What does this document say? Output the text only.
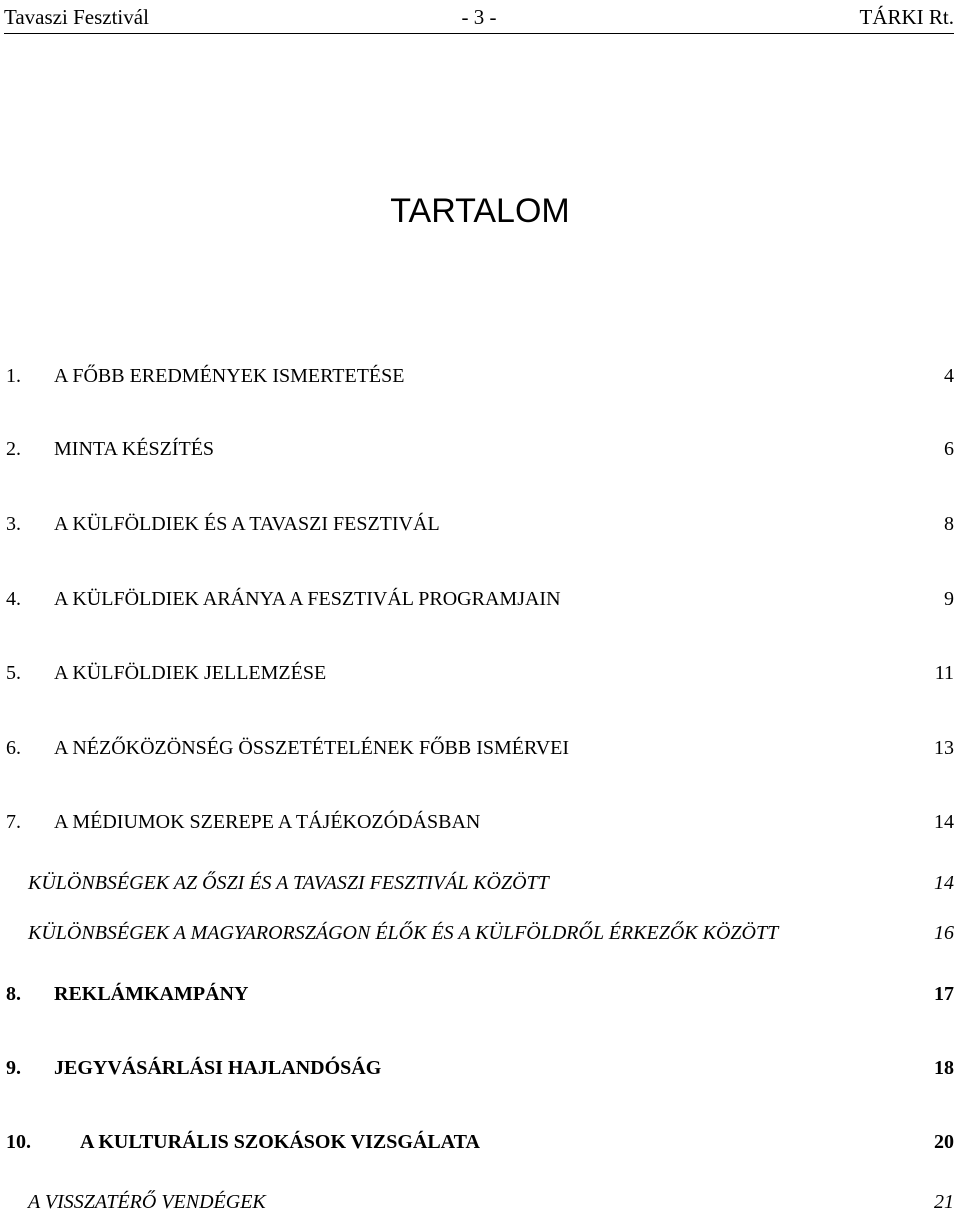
Tavaszi Fesztivál	- 3 -	TÁRKI Rt.
TARTALOM
1. A FŐBB EREDMÉNYEK ISMERTETÉSE	4
2. MINTA KÉSZÍTÉS	6
3. A KÜLFÖLDIEK ÉS A TAVASZI FESZTIVÁL	8
4. A KÜLFÖLDIEK ARÁNYA A FESZTIVÁL PROGRAMJAIN	9
5. A KÜLFÖLDIEK JELLEMZÉSE	11
6. A NÉZŐKÖZÖNSÉG ÖSSZETÉTELÉNEK FŐBB ISMÉRVEI	13
7. A MÉDIUMOK SZEREPE A TÁJÉKOZÓDÁSBAN	14
KÜLÖNBSÉGEK AZ ŐSZI ÉS A TAVASZI FESZTIVÁL KÖZÖTT	14
KÜLÖNBSÉGEK A MAGYARORSZÁGON ÉLŐK ÉS A KÜLFÖLDRŐL ÉRKEZŐK KÖZÖTT	16
8. REKLÁMKAMPÁNY	17
9. JEGYVÁSÁRLÁSI HAJLANDÓSÁG	18
10. A KULTURÁLIS SZOKÁSOK VIZSGÁLATA	20
A VISSZATÉRŐ VENDÉGEK	21
